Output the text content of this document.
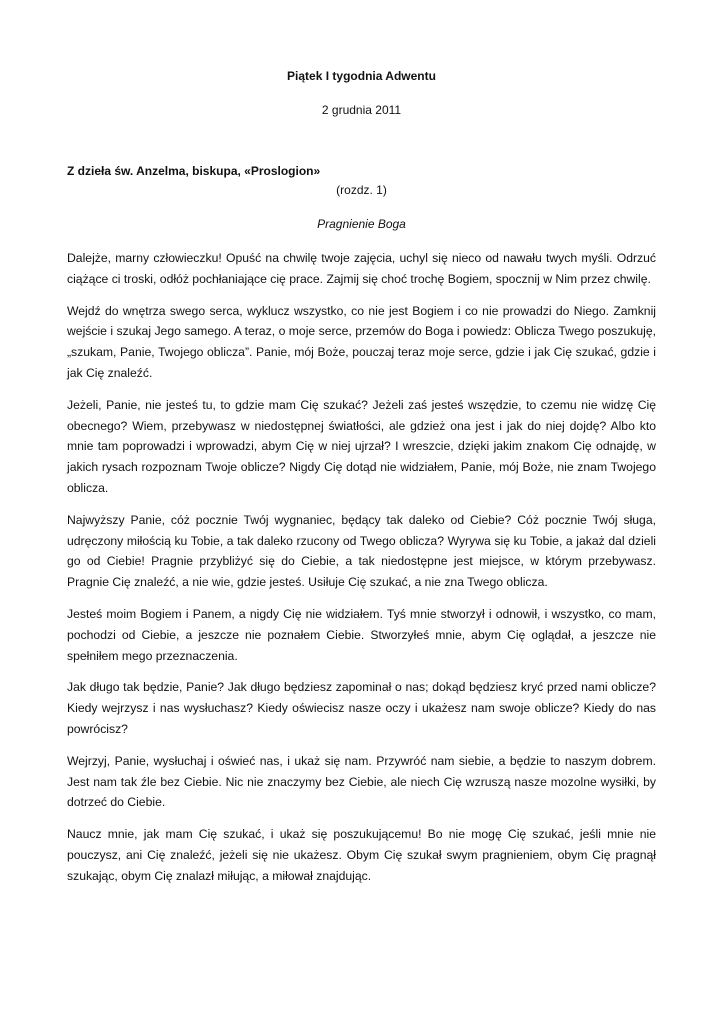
Piątek I tygodnia Adwentu
2 grudnia 2011
Z dzieła św. Anzelma, biskupa, «Proslogion»
(rozdz. 1)
Pragnienie Boga

Dalejże, marny człowieczku! Opuść na chwilę twoje zajęcia, uchyl się nieco od nawału twych myśli. Odrzuć ciążące ci troski, odłóż pochłaniające cię prace. Zajmij się choć trochę Bogiem, spocznij w Nim przez chwilę.

Wejdź do wnętrza swego serca, wyklucz wszystko, co nie jest Bogiem i co nie prowadzi do Niego. Zamknij wejście i szukaj Jego samego. A teraz, o moje serce, przemów do Boga i powiedz: Oblicza Twego poszukuję, „szukam, Panie, Twojego oblicza”. Panie, mój Boże, pouczaj teraz moje serce, gdzie i jak Cię szukać, gdzie i jak Cię znaleźć.

Jeżeli, Panie, nie jesteś tu, to gdzie mam Cię szukać? Jeżeli zaś jesteś wszędzie, to czemu nie widzę Cię obecnego? Wiem, przebywasz w niedostępnej światłości, ale gdzież ona jest i jak do niej dojdę? Albo kto mnie tam poprowadzi i wprowadzi, abym Cię w niej ujrzał? I wreszcie, dzięki jakim znakom Cię odnajdę, w jakich rysach rozpoznam Twoje oblicze? Nigdy Cię dotąd nie widziałem, Panie, mój Boże, nie znam Twojego oblicza.

Najwyższy Panie, cóż pocznie Twój wygnaniec, będący tak daleko od Ciebie? Cóż pocznie Twój sługa, udręczony miłością ku Tobie, a tak daleko rzucony od Twego oblicza? Wyrywa się ku Tobie, a jakaż dal dzieli go od Ciebie! Pragnie przybliżyć się do Ciebie, a tak niedostępne jest miejsce, w którym przebywasz. Pragnie Cię znaleźć, a nie wie, gdzie jesteś. Usiłuje Cię szukać, a nie zna Twego oblicza.

Jesteś moim Bogiem i Panem, a nigdy Cię nie widziałem. Tyś mnie stworzył i odnowił, i wszystko, co mam, pochodzi od Ciebie, a jeszcze nie poznałem Ciebie. Stworzyłeś mnie, abym Cię oglądał, a jeszcze nie spełniłem mego przeznaczenia.

Jak długo tak będzie, Panie? Jak długo będziesz zapominał o nas; dokąd będziesz kryć przed nami oblicze? Kiedy wejrzysz i nas wysłuchasz? Kiedy oświecisz nasze oczy i ukażesz nam swoje oblicze? Kiedy do nas powrócisz?

Wejrzyj, Panie, wysłuchaj i oświeć nas, i ukaż się nam. Przywróć nam siebie, a będzie to naszym dobrem. Jest nam tak źle bez Ciebie. Nic nie znaczymy bez Ciebie, ale niech Cię wzruszą nasze mozolne wysiłki, by dotrzeć do Ciebie.

Naucz mnie, jak mam Cię szukać, i ukaż się poszukującemu! Bo nie mogę Cię szukać, jeśli mnie nie pouczysz, ani Cię znaleźć, jeżeli się nie ukażesz. Obym Cię szukał swym pragnieniem, obym Cię pragnął szukając, obym Cię znalazł miłując, a miłował znajdując.
